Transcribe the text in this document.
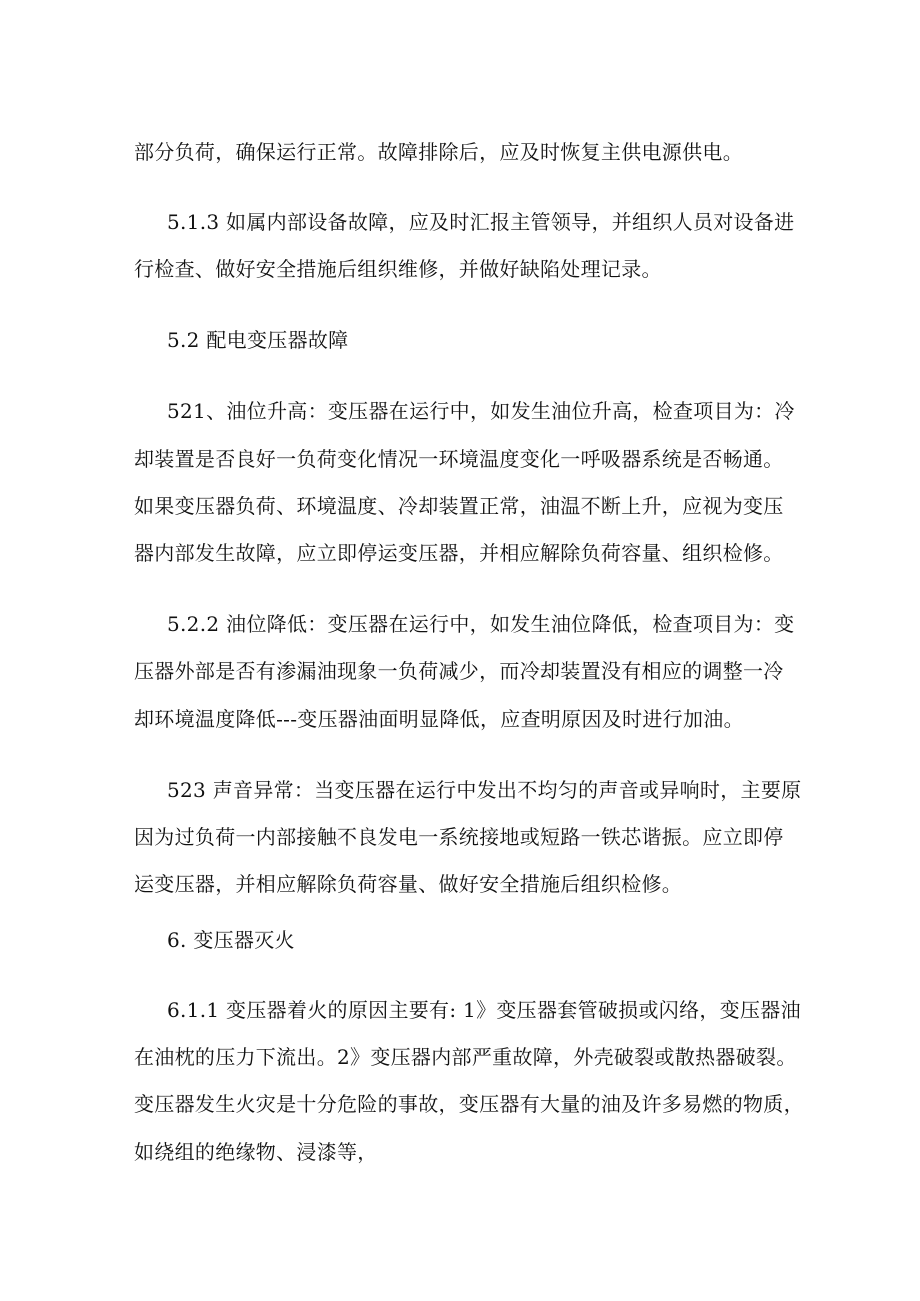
部分负荷，确保运行正常。故障排除后，应及时恢复主供电源供电。
5.1.3 如属内部设备故障，应及时汇报主管领导，并组织人员对设备进
行检查、做好安全措施后组织维修，并做好缺陷处理记录。
5.2 配电变压器故障
521、油位升高：变压器在运行中，如发生油位升高，检查项目为：冷
却装置是否良好一负荷变化情况一环境温度变化一呼吸器系统是否畅通。
如果变压器负荷、环境温度、冷却装置正常，油温不断上升，应视为变压
器内部发生故障，应立即停运变压器，并相应解除负荷容量、组织检修。
5.2.2 油位降低：变压器在运行中，如发生油位降低，检查项目为：变
压器外部是否有渗漏油现象一负荷减少，而冷却装置没有相应的调整一冷
却环境温度降低---变压器油面明显降低，应查明原因及时进行加油。
523 声音异常：当变压器在运行中发出不均匀的声音或异响时，主要原
因为过负荷一内部接触不良发电一系统接地或短路一铁芯谐振。应立即停
运变压器，并相应解除负荷容量、做好安全措施后组织检修。
6. 变压器灭火
6.1.1 变压器着火的原因主要有: 1》变压器套管破损或闪络，变压器油
在油枕的压力下流出。2》变压器内部严重故障，外壳破裂或散热器破裂。
变压器发生火灾是十分危险的事故，变压器有大量的油及许多易燃的物质，
如绕组的绝缘物、浸漆等，
